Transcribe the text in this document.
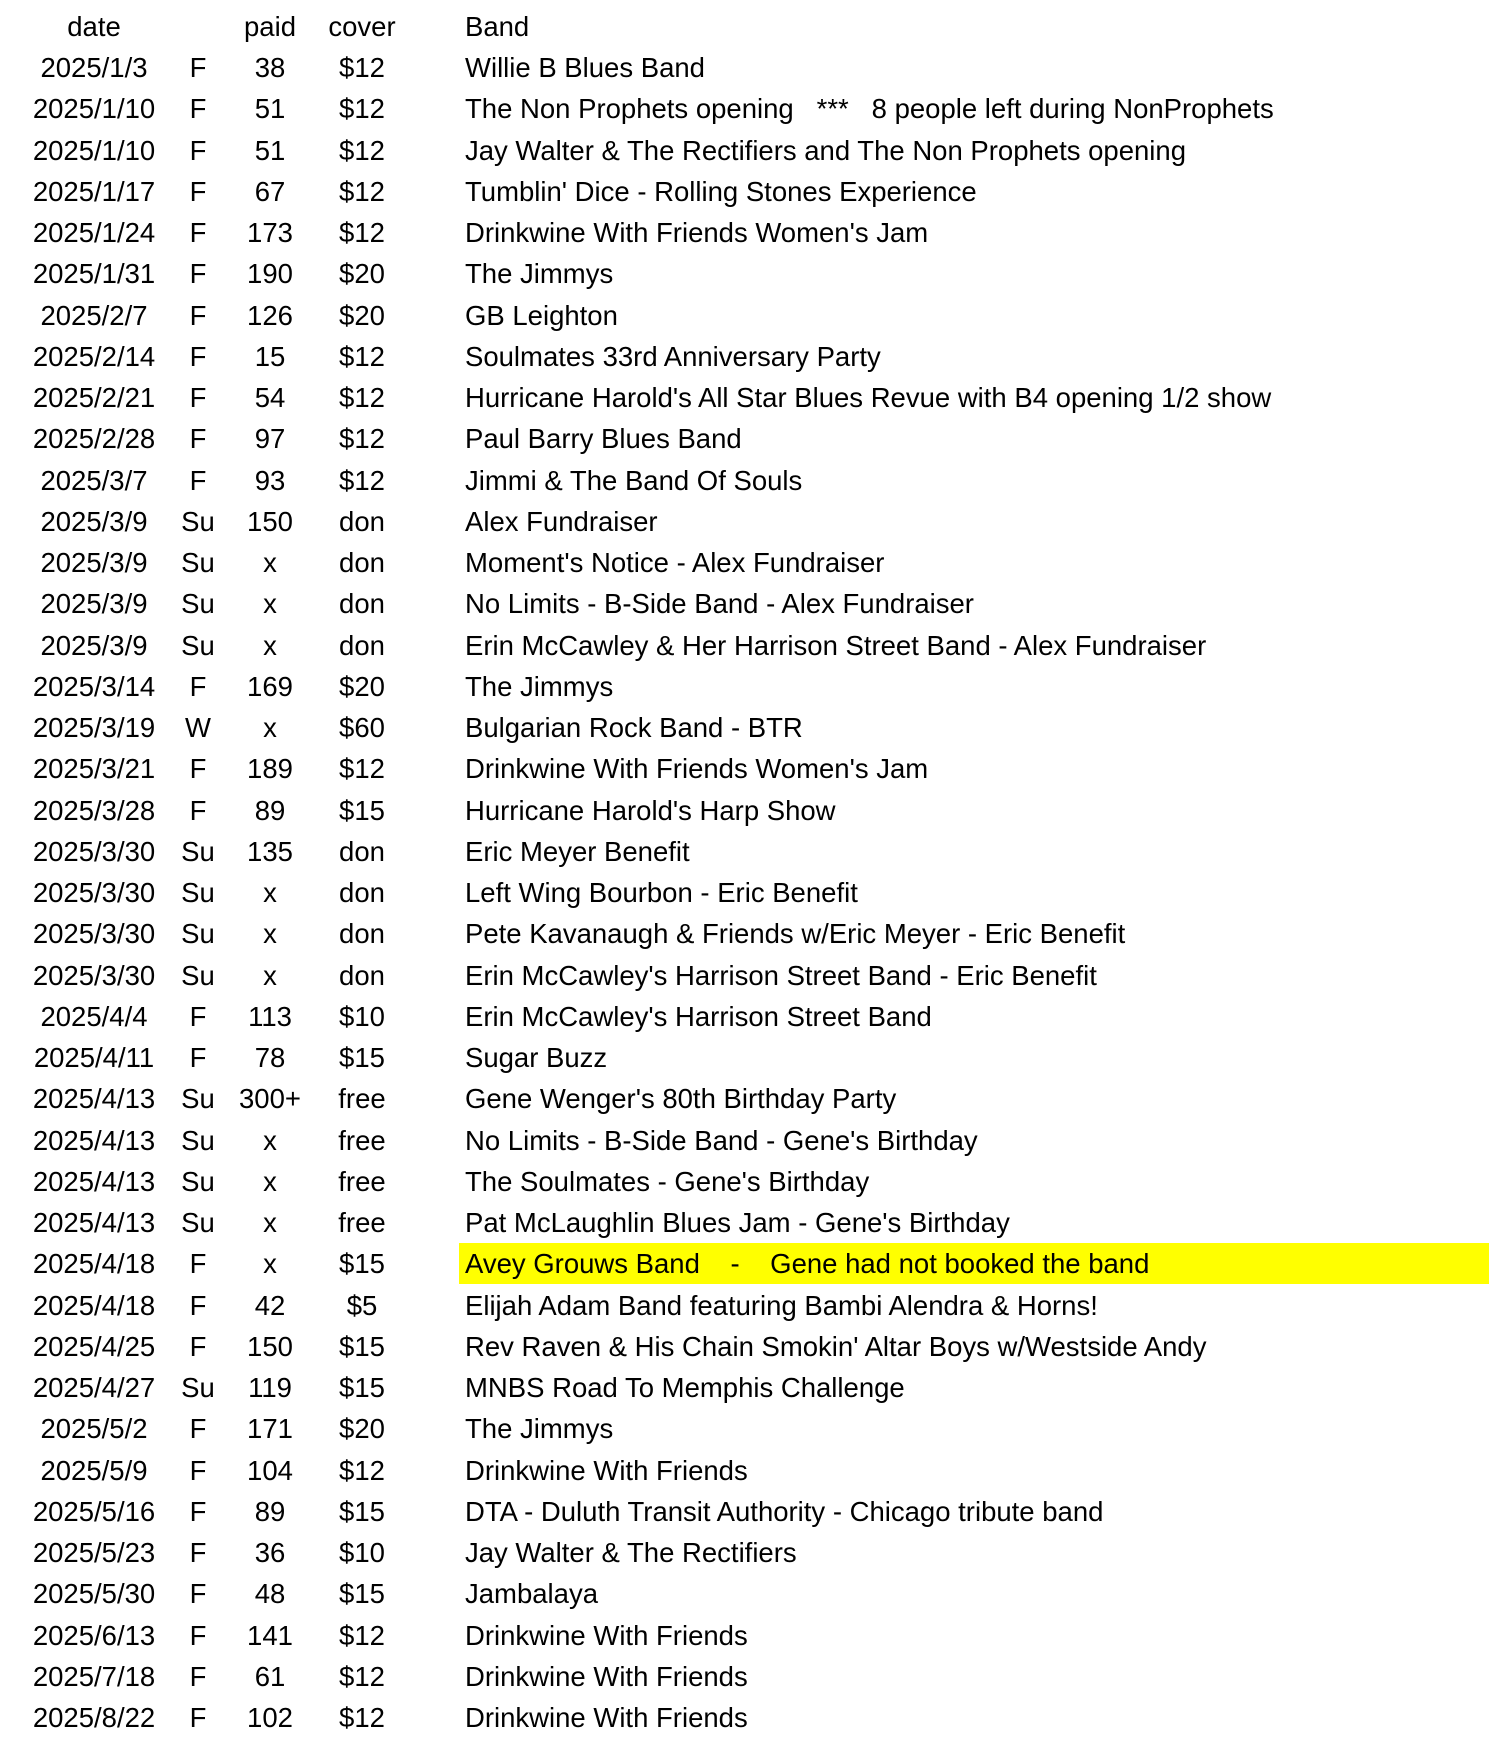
date	paid	cover	Band
2025/1/3	F	38	$12	Willie B Blues Band
2025/1/10	F	51	$12	The Non Prophets opening   ***   8 people left during NonProphets
2025/1/10	F	51	$12	Jay Walter & The Rectifiers and The Non Prophets opening
2025/1/17	F	67	$12	Tumblin' Dice - Rolling Stones Experience
2025/1/24	F	173	$12	Drinkwine With Friends Women's Jam
2025/1/31	F	190	$20	The Jimmys
2025/2/7	F	126	$20	GB Leighton
2025/2/14	F	15	$12	Soulmates 33rd Anniversary Party
2025/2/21	F	54	$12	Hurricane Harold's All Star Blues Revue with B4 opening 1/2 show
2025/2/28	F	97	$12	Paul Barry Blues Band
2025/3/7	F	93	$12	Jimmi & The Band Of Souls
2025/3/9	Su	150	don	Alex Fundraiser
2025/3/9	Su	x	don	Moment's Notice - Alex Fundraiser
2025/3/9	Su	x	don	No Limits - B-Side Band - Alex Fundraiser
2025/3/9	Su	x	don	Erin McCawley & Her Harrison Street Band - Alex Fundraiser
2025/3/14	F	169	$20	The Jimmys
2025/3/19	W	x	$60	Bulgarian Rock Band - BTR
2025/3/21	F	189	$12	Drinkwine With Friends Women's Jam
2025/3/28	F	89	$15	Hurricane Harold's Harp Show
2025/3/30 Su	135	don	Eric Meyer Benefit
2025/3/30 Su	x	don	Left Wing Bourbon - Eric Benefit
2025/3/30 Su	x	don	Pete Kavanaugh & Friends w/Eric Meyer - Eric Benefit
2025/3/30 Su	x	don	Erin McCawley's Harrison Street Band - Eric Benefit
2025/4/4	F	113	$10	Erin McCawley's Harrison Street Band
2025/4/11	F	78	$15	Sugar Buzz
2025/4/13 Su 300+	free	Gene Wenger's 80th Birthday Party
2025/4/13 Su	x	free	No Limits - B-Side Band - Gene's Birthday
2025/4/13 Su	x	free	The Soulmates - Gene's Birthday
2025/4/13 Su	x	free	Pat McLaughlin Blues Jam - Gene's Birthday
2025/4/18	F	x	$15	Avey Grouws Band    -    Gene had not booked the band
2025/4/18	F	42	$5	Elijah Adam Band featuring Bambi Alendra & Horns!
2025/4/25	F	150	$15	Rev Raven & His Chain Smokin' Altar Boys w/Westside Andy
2025/4/27 Su	119	$15	MNBS Road To Memphis Challenge
2025/5/2	F	171	$20	The Jimmys
2025/5/9	F	104	$12	Drinkwine With Friends
2025/5/16	F	89	$15	DTA - Duluth Transit Authority - Chicago tribute band
2025/5/23	F	36	$10	Jay Walter & The Rectifiers
2025/5/30	F	48	$15	Jambalaya
2025/6/13	F	141	$12	Drinkwine With Friends
2025/7/18	F	61	$12	Drinkwine With Friends
2025/8/22	F	102	$12	Drinkwine With Friends
